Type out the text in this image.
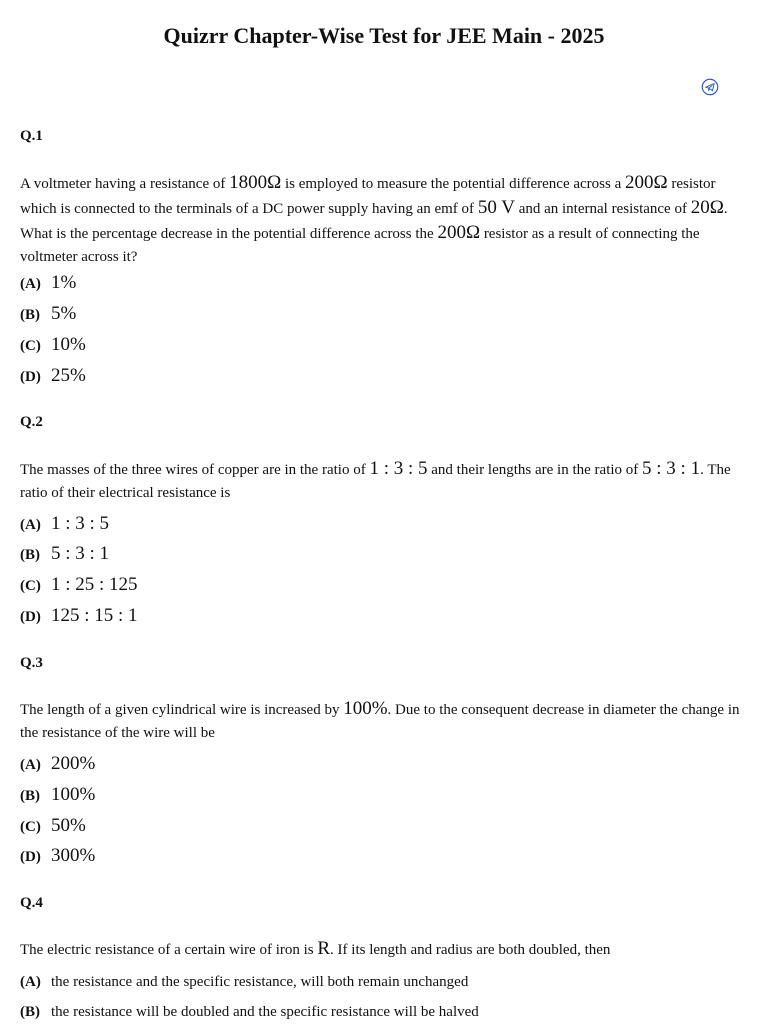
Quizrr Chapter-Wise Test for JEE Main - 2025
Q.1

A voltmeter having a resistance of 1800Ω is employed to measure the potential difference across a 200Ω resistor which is connected to the terminals of a DC power supply having an emf of 50 V and an internal resistance of 20Ω. What is the percentage decrease in the potential difference across the 200Ω resistor as a result of connecting the voltmeter across it?

(A) 1%
(B) 5%
(C) 10%
(D) 25%
Q.2

The masses of the three wires of copper are in the ratio of 1 : 3 : 5 and their lengths are in the ratio of 5 : 3 : 1. The ratio of their electrical resistance is

(A) 1 : 3 : 5
(B) 5 : 3 : 1
(C) 1 : 25 : 125
(D) 125 : 15 : 1
Q.3

The length of a given cylindrical wire is increased by 100%. Due to the consequent decrease in diameter the change in the resistance of the wire will be

(A) 200%
(B) 100%
(C) 50%
(D) 300%
Q.4

The electric resistance of a certain wire of iron is R. If its length and radius are both doubled, then

(A) the resistance and the specific resistance, will both remain unchanged
(B) the resistance will be doubled and the specific resistance will be halved
